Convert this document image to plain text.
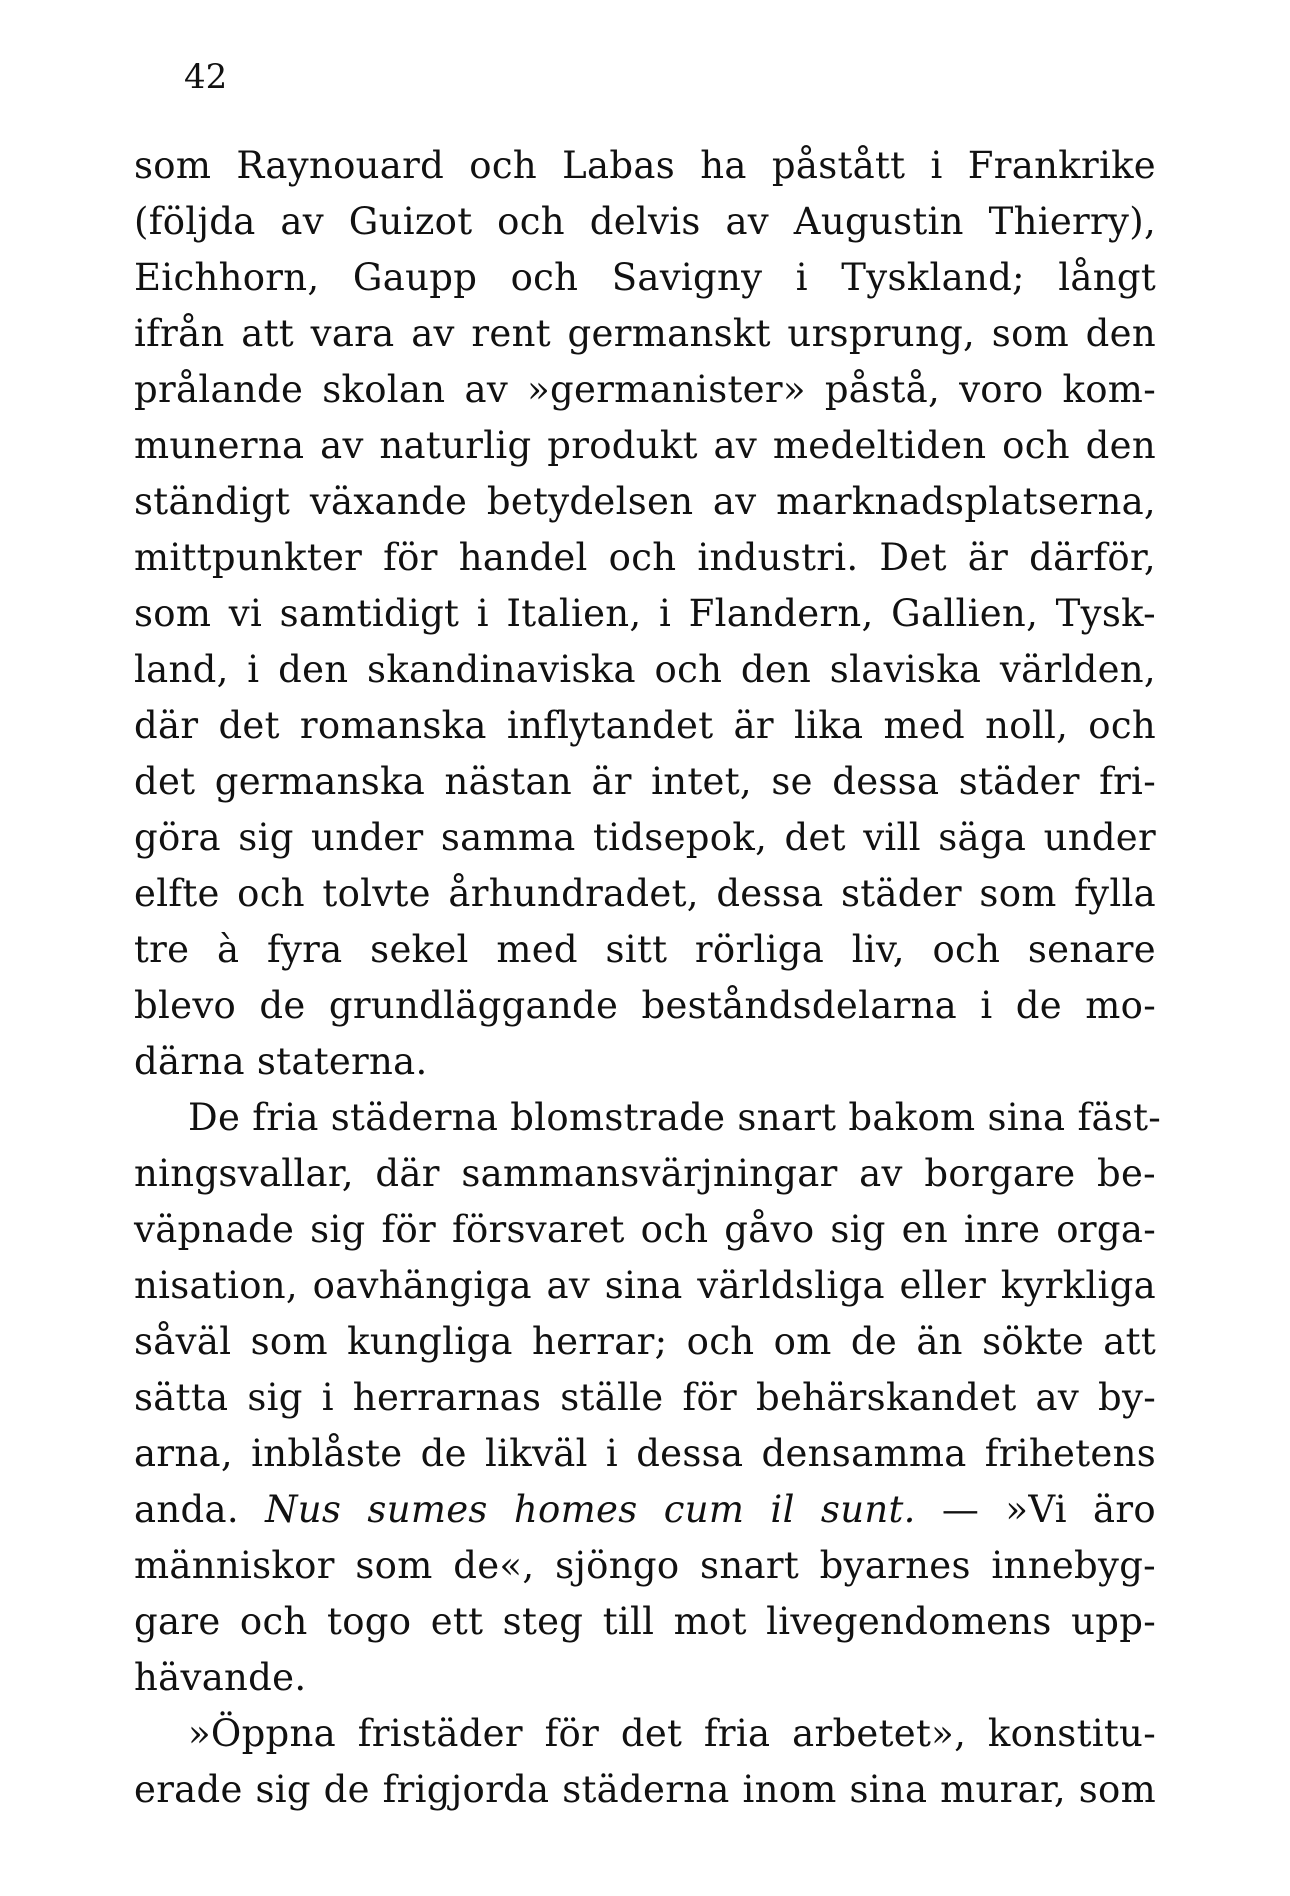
42
som Raynouard och Labas ha påstått i Frankrike
(följda av Guizot och delvis av Augustin Thierry),
Eichhorn, Gaupp och Savigny i Tyskland; långt
ifrån att vara av rent germanskt ursprung, som den
prålande skolan av »germanister» påstå, voro kom-
munerna av naturlig produkt av medeltiden och den
ständigt växande betydelsen av marknadsplatserna,
mittpunkter för handel och industri. Det är därför,
som vi samtidigt i Italien, i Flandern, Gallien, Tysk-
land, i den skandinaviska och den slaviska världen,
där det romanska inflytandet är lika med noll, och
det germanska nästan är intet, se dessa städer fri-
göra sig under samma tidsepok, det vill säga under
elfte och tolvte århundradet, dessa städer som fylla
tre à fyra sekel med sitt rörliga liv, och senare
blevo de grundläggande beståndsdelarna i de mo-
därna staterna.
De fria städerna blomstrade snart bakom sina fäst-
ningsvallar, där sammansvärjningar av borgare be-
väpnade sig för försvaret och gåvo sig en inre orga-
nisation, oavhängiga av sina världsliga eller kyrkliga
såväl som kungliga herrar; och om de än sökte att
sätta sig i herrarnas ställe för behärskandet av by-
arna, inblåste de likväl i dessa densamma frihetens
anda. Nus sumes homes cum il sunt. — »Vi äro
människor som de«, sjöngo snart byarnes innebyg-
gare och togo ett steg till mot livegendomens upp-
hävande.
»Öppna fristäder för det fria arbetet», konstitu-
erade sig de frigjorda städerna inom sina murar, som
